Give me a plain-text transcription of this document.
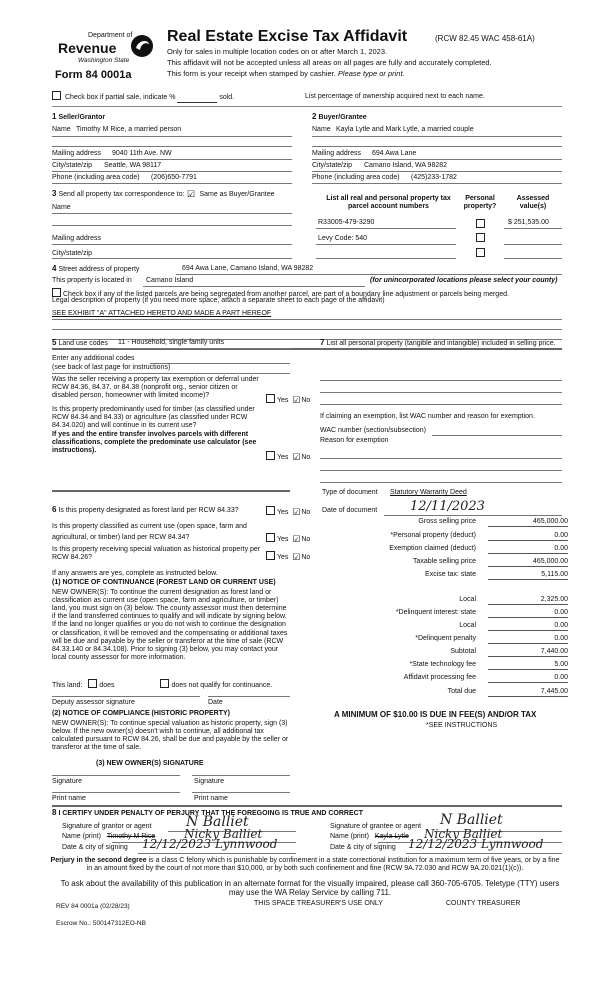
Department of
Revenue
Washington State
Form 84 0001a
Real Estate Excise Tax Affidavit	(RCW 82.45 WAC 458-61A)
Only for sales in multiple location codes on or after March 1, 2023.
This affidavit will not be accepted unless all areas on all pages are fully and accurately completed.
This form is your receipt when stamped by cashier. Please type or print.
Check box if partial sale, indicate %	sold.	List percentage of ownership acquired next to each name.
1 Seller/Grantor
Name Timothy M Rice, a married person
Mailing address 9040 11th Ave. NW
City/state/zip Seattle, WA 98117
Phone (including area code) (206)650-7791
2 Buyer/Grantee
Name Kayla Lytle and Mark Lytle, a married couple
Mailing address 694 Awa Lane
City/state/zip Camano Island, WA 98282
Phone (including area code) (425)233-1782
3 Send all property tax correspondence to: ☑ Same as Buyer/Grantee
Name
Mailing address
City/state/zip
List all real and personal property tax parcel account numbers
Personal property?
Assessed value(s)
R33005-479-3290	$ 251,535.00
Levy Code: 540
4 Street address of property	694 Awa Lane, Camano Island, WA 98282
This property is located in Camano Island	(for unincorporated locations please select your county)
Check box if any of the listed parcels are being segregated from another parcel, are part of a boundary line adjustment or parcels being merged.
Legal description of property (if you need more space, attach a separate sheet to each page of the affidavit)
SEE EXHIBIT "A" ATTACHED HERETO AND MADE A PART HEREOF
5 Land use codes 11 - Household, single family units
Enter any additional codes
(see back of last page for instructions)
Was the seller receiving a property tax exemption or deferral under RCW 84.36, 84.37, or 84.38 (nonprofit org., senior citizen or disabled person, homeowner with limited income)?
Yes ☑No
Is this property predominantly used for timber (as classified under RCW 84.34 and 84.33) or agriculture (as classified under RCW 84.34.020) and will continue in its current use?
If yes and the entire transfer involves parcels with different classifications, complete the predominate use calculator (see instructions).
Yes ☑No
6 Is this property designated as forest land per RCW 84.33?	Yes ☑No
Is this property classified as current use (open space, farm and agricultural, or timber) land per RCW 84.34?	Yes ☑No
Is this property receiving special valuation as historical property per RCW 84.26?	Yes ☑No
If any answers are yes, complete as instructed below.
(1) NOTICE OF CONTINUANCE (FOREST LAND OR CURRENT USE)
NEW OWNER(S): To continue the current designation as forest land or classification as current use (open space, farm and agriculture, or timber) land, you must sign on (3) below. The county assessor must then determine if the land transferred continues to qualify and will indicate by signing below. If the land no longer qualifies or you do not wish to continue the designation or classification, it will be removed and the compensating or additional taxes will be due and payable by the seller or transferor at the time of sale (RCW 84.33.140 or 84.34.108). Prior to signing (3) below, you may contact your local county assessor for more information.
This land: does	does not qualify for continuance.
Deputy assessor signature	Date
(2) NOTICE OF COMPLIANCE (HISTORIC PROPERTY)
NEW OWNER(S): To continue special valuation as historic property, sign (3) below. If the new owner(s) doesn't wish to continue, all additional tax calculated pursuant to RCW 84.26, shall be due and payable by the seller or transferor at the time of sale.
(3) NEW OWNER(S) SIGNATURE
Signature	Signature
Print name	Print name
7 List all personal property (tangible and intangible) included in selling price.
If claiming an exemption, list WAC number and reason for exemption.
WAC number (section/subsection)
Reason for exemption
Type of document Statutory Warranty Deed
Date of document	12/11/2023
Gross selling price	465,000.00
*Personal property (deduct)	0.00
Exemption claimed (deduct)	0.00
Taxable selling price	465,000.00
Excise tax: state	5,115.00
Local	2,325.00
*Delinquent interest: state	0.00
Local	0.00
*Delinquent penalty	0.00
Subtotal	7,440.00
*State technology fee	5.00
Affidavit processing fee	0.00
Total due	7,445.00
A MINIMUM OF $10.00 IS DUE IN FEE(S) AND/OR TAX
*SEE INSTRUCTIONS
8 I CERTIFY UNDER PENALTY OF PERJURY THAT THE FOREGOING IS TRUE AND CORRECT
Signature of grantor or agent N Balliet
Name (print) Timothy M Rice Nicky Balliet
Date & city of signing 12/12/2023 Lynnwood
Signature of grantee or agent N Balliet
Name (print) Kayla Lytle Nicky Balliet
Date & city of signing 12/12/2023 Lynnwood
Perjury in the second degree is a class C felony which is punishable by confinement in a state correctional institution for a maximum term of five years, or by a fine in an amount fixed by the court of not more than $10,000, or by both such confinement and fine (RCW 9A.72.030 and RCW 9A.20.021(1)(c)).
To ask about the availability of this publication in an alternate format for the visually impaired, please call 360-705-6705. Teletype (TTY) users may use the WA Relay Service by calling 711.
REV 84 0001a (02/28/23)	THIS SPACE TREASURER'S USE ONLY	COUNTY TREASURER
Escrow No.: 500147312EO-NB
